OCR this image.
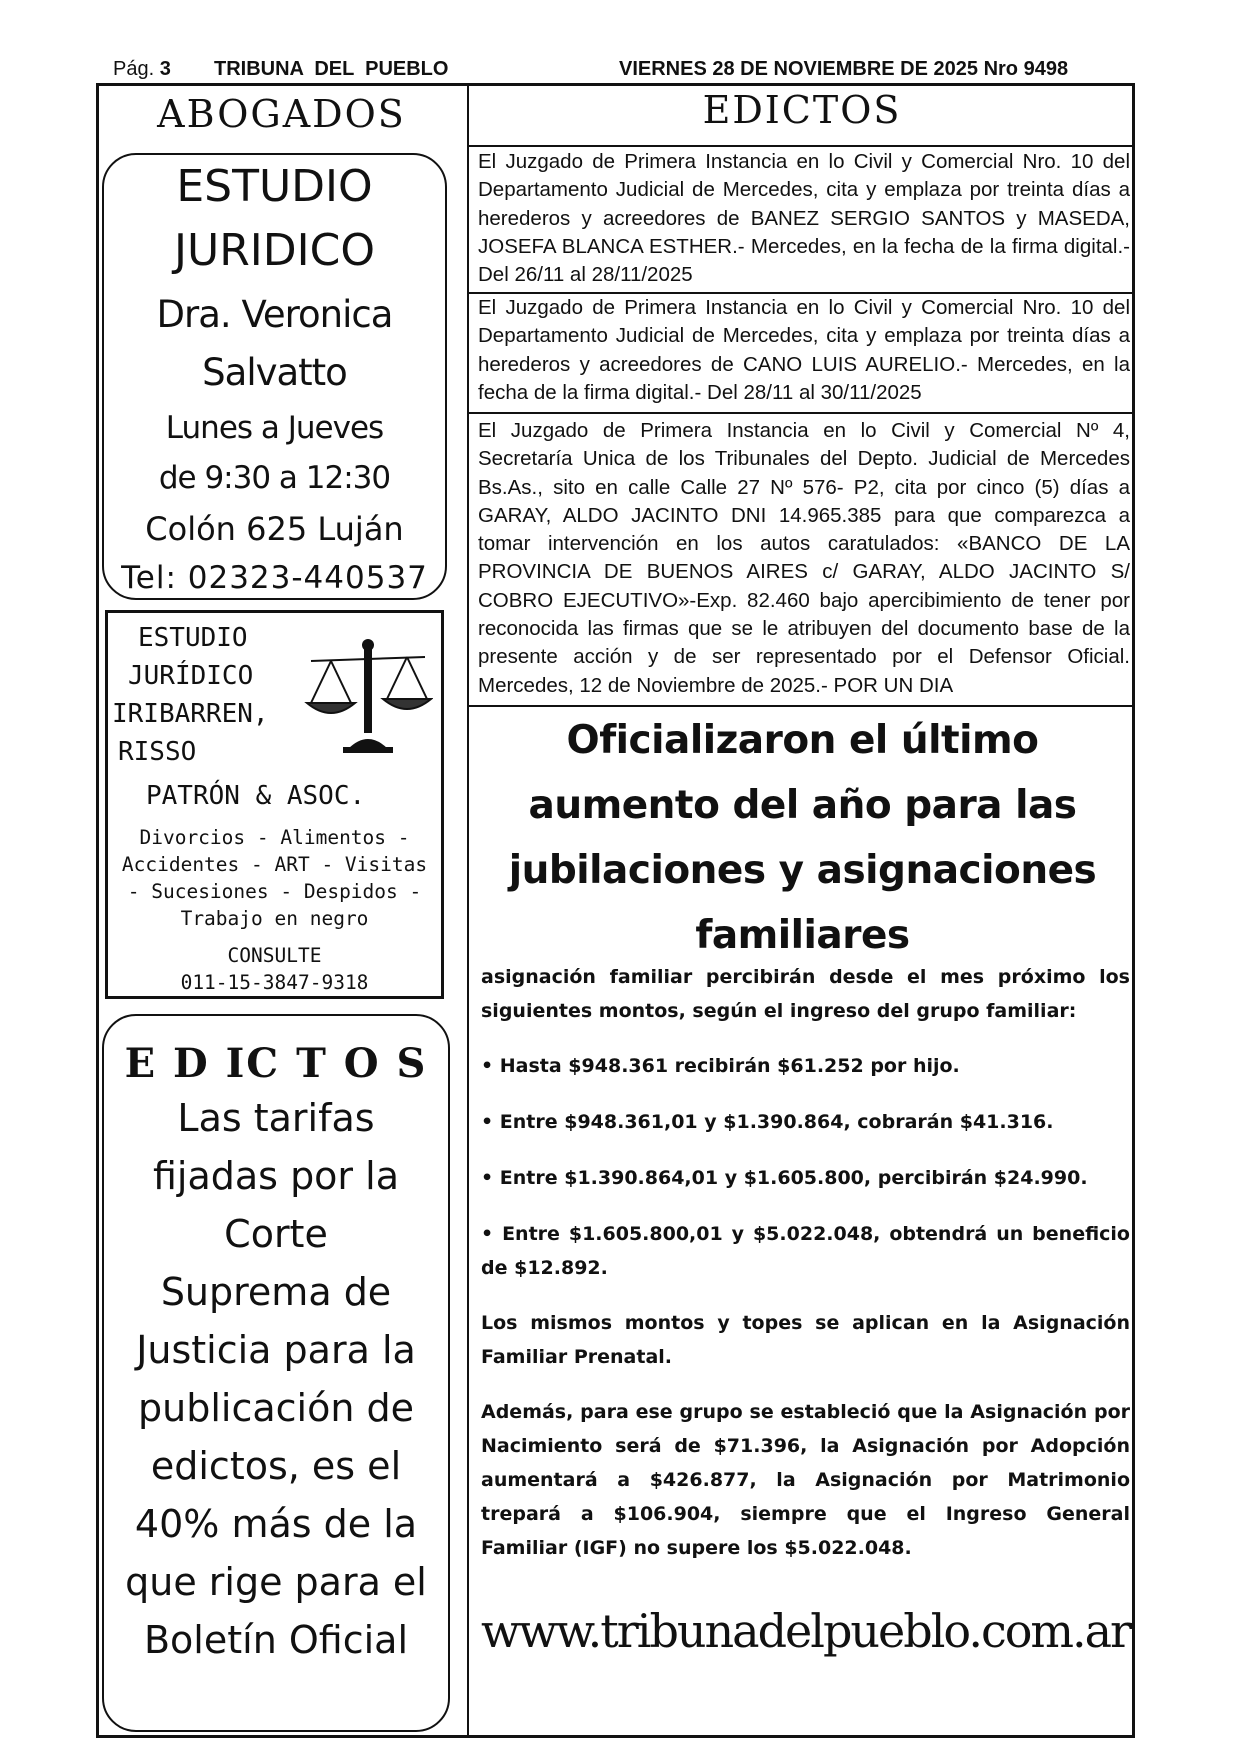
Pág. 3 TRIBUNA  DEL  PUEBLO	VIERNES 28 DE NOVIEMBRE DE 2025 Nro 9498
ABOGADOS
ESTUDIO
JURIDICO
Dra. Veronica
Salvatto
Lunes a Jueves
de 9:30 a 12:30
Colón 625 Luján
Tel: 02323-440537
ESTUDIO
JURÍDICO
IRIBARREN,
RISSO
PATRÓN & ASOC.
Divorcios - Alimentos -
Accidentes - ART - Visitas
- Sucesiones - Despidos -
Trabajo en negro
CONSULTE
011-15-3847-9318
E D IC T O S
Las tarifas
fijadas por la
Corte
Suprema de
Justicia para la
publicación de
edictos, es el
40% más de la
que rige para el
Boletín Oficial
EDICTOS
El Juzgado de Primera Instancia en lo Civil y Comercial Nro. 10 del Departamento Judicial de Mercedes, cita y emplaza por treinta días a herederos y acreedores de BANEZ SERGIO SANTOS y MASEDA, JOSEFA BLANCA ESTHER.- Mercedes, en la fecha de la firma digital.- Del 26/11 al 28/11/2025
El Juzgado de Primera Instancia en lo Civil y Comercial Nro. 10 del Departamento Judicial de Mercedes, cita y emplaza por treinta días a herederos y acreedores de CANO LUIS AURELIO.- Mercedes, en la fecha de la firma digital.- Del 28/11 al 30/11/2025
El Juzgado de Primera Instancia en lo Civil y Comercial Nº 4, Secretaría Unica de los Tribunales del Depto. Judicial de Mercedes Bs.As., sito en calle Calle 27 Nº 576- P2, cita por cinco (5) días a GARAY, ALDO JACINTO DNI 14.965.385 para que comparezca a tomar intervención en los autos caratulados: «BANCO DE LA PROVINCIA DE BUENOS AIRES c/ GARAY, ALDO JACINTO S/ COBRO EJECUTIVO»-Exp. 82.460 bajo apercibimiento de tener por reconocida las firmas que se le atribuyen del documento base de la presente acción y de ser representado por el Defensor Oficial. Mercedes, 12 de Noviembre de 2025.- POR UN DIA
Oficializaron el último
aumento del año para las
jubilaciones y asignaciones
familiares
asignación familiar percibirán desde el mes próximo los siguientes montos, según el ingreso del grupo familiar:
• Hasta $948.361 recibirán $61.252 por hijo.
• Entre $948.361,01 y $1.390.864, cobrarán $41.316.
• Entre $1.390.864,01 y $1.605.800, percibirán $24.990.
• Entre $1.605.800,01 y $5.022.048, obtendrá un beneficio de $12.892.
Los mismos montos y topes se aplican en la Asignación Familiar Prenatal.
Además, para ese grupo se estableció que la Asignación por Nacimiento será de $71.396, la Asignación por Adopción aumentará a $426.877, la Asignación por Matrimonio trepará a $106.904, siempre que el Ingreso General Familiar (IGF) no supere los $5.022.048.
www.tribunadelpueblo.com.ar
